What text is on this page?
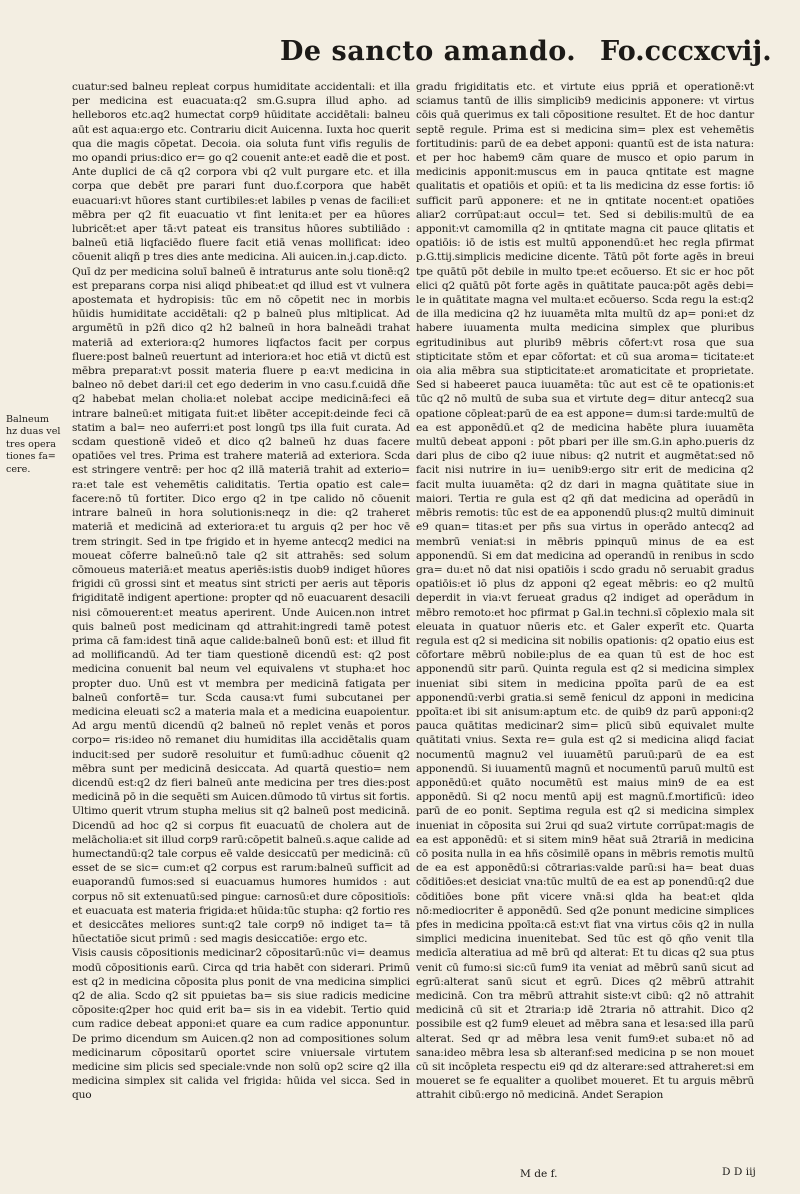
De sancto amando. Fo.cccxcvij.
Balneum
hz duas vel
tres opera
tiones fa=
cere.

cuatur:sed balneu repleat corpus humiditate accidentali: et illa per medicina est euacuata:q2 sm.G.supra illud apho. ad helleboros etc.aq2 humectat corp9 hūiditate accidētali: balneu aūt est aqua:ergo etc. Contrariu dicit Auicenna. Iuxta hoc querit qua die magis cōpetat. Decoia. oia soluta funt vifis regulis de mo opandi prius:dico er= go q2 couenit ante:et eadē die et post. Ante duplici de cā q2 corpora vbi q2 vult purgare etc. et illa corpa que debēt pre parari funt duo.f.corpora que habēt euacuari:vt hūores stant curtibiles:et labiles p venas de facili:et mēbra per q2 fit euacuatio vt fint lenita:et per ea hūores lubricēt:et aper tā:vt pateat eis transitus hūores subtiliādo : balneū etiā liqfaciēdo fluere facit etiā venas mollificat: ideo cōuenit aliqñ p tres dies ante medicina. Ali auicen.in.j.cap.dicto.

Quī dz per medicina soluī balneū ē intraturus ante solu tionē:q2 est preparans corpa nisi aliqd phibeat:et qd illud est vt vulnera apostemata et hydropisis: tūc em nō cōpetit nec in morbis hūidis humiditate accidētali: q2 p balneū plus mltiplicat. Ad argumētū in p2ñ dico q2 h2 balneū in hora balneādi trahat materiā ad exteriora:q2 humores liqfactos facit per corpus fluere:post balneū reuertunt ad interiora:et hoc etiā vt dictū est mēbra preparat:vt possit materia fluere p ea:vt medicina in balneo nō debet dari:il cet ego dederim in vno casu.f.cuidā dñe q2 habebat melan cholia:et nolebat accipe medicinā:feci eā intrare balneū:et mitigata fuit:et libēter accepit:deinde feci cā statim a bal= neo auferri:et post longū tps illa fuit curata. Ad scdam questionē videō et dico q2 balneū hz duas facere opatiōes vel tres. Prima est trahere materiā ad exteriora. Scda est stringere ventrē: per hoc q2 illā materiā trahit ad exterio= ra:et tale est vehemētis caliditatis. Tertia opatio est cale= facere:nō tū fortiter. Dico ergo q2 in tpe calido nō cōuenit intrare balneū in hora solutionis:neqz in die: q2 traheret materiā et medicinā ad exteriora:et tu arguis q2 per hoc vē trem stringit. Sed in tpe frigido et in hyeme antecq2 medici na moueat cōferre balneū:nō tale q2 sit attrahēs: sed solum cōmoueus materiā:et meatus aperiēs:istis duob9 indiget hūores frigidi cū grossi sint et meatus sint stricti per aeris aut tēporis frigiditatē indigent apertione: propter qd nō euacuarent desacili nisi cōmouerent:et meatus aperirent. Unde Auicen.non intret quis balneū post medicinam qd attrahit:ingredi tamē potest prima cā fam:idest tinā aque calide:balneū bonū est: et illud fit ad mollificandū. Ad ter tiam questionē dicendū est: q2 post medicina conuenit bal neum vel equivalens vt stupha:et hoc propter duo. Unū est vt membra per medicinā fatigata per balneū confortē= tur. Scda causa:vt fumi subcutanei per medicina eleuati sc2 a materia mala et a medicina euapoientur. Ad argu mentū dicendū q2 balneū nō replet venās et poros corpo= ris:ideo nō remanet diu humiditas illa accidētalis quam inducit:sed per sudorē resoluitur et fumū:adhuc cōuenit q2 mēbra sunt per medicinā desiccata. Ad quartā questio= nem dicendū est:q2 dz fieri balneū ante medicina per tres dies:post medicinā pō in die sequēti sm Auicen.dūmodo tū virtus sit fortis. Ultimo querit vtrum stupha melius sit q2 balneū post medicinā. Dicendū ad hoc q2 si corpus fit euacuatū de cholera aut de melācholia:et sit illud corp9 rarū:cōpetit balneū.s.aque calide ad humectandū:q2 tale corpus eē valde desiccatū per medicinā: cū esset de se sic= cum:et q2 corpus est rarum:balneū sufficit ad euaporandū fumos:sed si euacuamus humores humidos : aut corpus nō sit extenuatū:sed pingue: carnosū:et dure cōpositioīs: et euacuata est materia frigida:et hūida:tūc stupha: q2 fortio res et desiccātes meliores sunt:q2 tale corp9 nō indiget ta= tā hūectatiōe sicut primū : sed magis desiccatiōe: ergo etc.

Visis causis cōpositionis medicinar2 cōpositarū:nūc vi= deamus modū cōpositionis earū. Circa qd tria habēt con siderari. Primū est q2 in medicina cōposita plus ponit de vna medicina simplici q2 de alia. Scdo q2 sit ppuietas ba= sis siue radicis medicine cōposite:q2per hoc quid erit ba= sis in ea videbit. Tertio quid cum radice debeat apponi:et quare ea cum radice apponuntur. De primo dicendum sm Auicen.q2 non ad compositiones solum medicinarum cōpositarū oportet scire vniuersale virtutem medicine sim plicis sed speciale:vnde non solū op2 scire q2 illa medicina simplex sit calida vel frigida: hūida vel sicca. Sed in quo

gradu frigiditatis etc. et virtute eius ppriā et operationē:vt sciamus tantū de illis simplicib9 medicinis apponere: vt virtus cōis quā querimus ex tali cōpositione resultet. Et de hoc dantur septē regule. Prima est si medicina sim= plex est vehemētis fortitudinis: parū de ea debet apponi: quantū est de ista natura: et per hoc habem9 cām quare de musco et opio parum in medicinis apponit:muscus em in pauca qntitate est magne qualitatis et opatiōis et opiū: et ta lis medicina dz esse fortis: iō sufficit parū apponere: et ne in qntitate nocent:et opatiōes aliar2 corrūpat:aut occul= tet. Sed si debilis:multū de ea apponit:vt camomilla q2 in qntitate magna cit pauce qlitatis et opatiōis: iō de istis est multū apponendū:et hec regla pfirmat p.G.ttij.simplicis medicine dicente. Tātū pōt forte agēs in breui tpe quātū pōt debile in multo tpe:et ecōuerso. Et sic er hoc pōt elici q2 quātū pōt forte agēs in quātitate pauca:pōt agēs debi= le in quātitate magna vel multa:et ecōuerso. Scda regu la est:q2 de illa medicina q2 hz iuuamēta mlta multū dz ap= poni:et dz habere iuuamenta multa medicina simplex que pluribus egritudinibus aut plurib9 mēbris cōfert:vt rosa que sua stipticitate stōm et epar cōfortat: et cū sua aroma= ticitate:et oia alia mēbra sua stipticitate:et aromaticitate et proprietate. Sed si habeeret pauca iuuamēta: tūc aut est cē te opationis:et tūc q2 nō multū de suba sua et virtute deg= ditur antecq2 sua opatione cōpleat:parū de ea est appone= dum:si tarde:multū de ea est apponēdū.et q2 de medicina habēte plura iuuamēta multū debeat apponi : pōt pbari per ille sm.G.in apho.pueris dz dari plus de cibo q2 iuue nibus: q2 nutrit et augmētat:sed nō facit nisi nutrire in iu= uenib9:ergo sitr erit de medicina q2 facit multa iuuamēta: q2 dz dari in magna quātitate siue in maiori. Tertia re gula est q2 qñ dat medicina ad operādū in mēbris remotis: tūc est de ea apponendū plus:q2 multū diminuit e9 quan= titas:et per pñs sua virtus in operādo antecq2 ad membrū veniat:si in mēbris ppinquū minus de ea est apponendū. Si em dat medicina ad operandū in renibus in scdo gra= du:et nō dat nisi opatiōis i scdo gradu nō seruabit gradus opatiōis:et iō plus dz apponi q2 egeat mēbris: eo q2 multū deperdit in via:vt ferueat gradus q2 indiget ad operādum in mēbro remoto:et hoc pfirmat p Gal.in techni.sī cōplexio mala sit eleuata in quatuor nūeris etc. et Galer experīt etc. Quarta regula est q2 si medicina sit nobilis opationis: q2 opatio eius est cōfortare mēbrū nobile:plus de ea quan tū est de hoc est apponendū sitr parū. Quinta regula est q2 si medicina simplex inueniat sibi sitem in medicina ppoīta parū de ea est apponendū:verbi gratia.si semē fenicul dz apponi in medicina ppoīta:et ibi sit anisum:aptum etc. de quib9 dz parū apponi:q2 pauca quātitas medicinar2 sim= plicū sibū equivalet multe quātitati vnius. Sexta re= gula est q2 si medicina aliqd faciat nocumentū magnu2 vel iuuamētū paruū:parū de ea est apponendū. Si iuuamentū magnū et nocumentū paruū multū est apponēdū:et quāto nocumētū est maius min9 de ea est apponēdū. Si q2 nocu mentū apij est magnū.f.mortificū: ideo parū de eo ponit. Septima regula est q2 si medicina simplex inueniat in cōposita sui 2rui qd sua2 virtute corrūpat:magis de ea est apponēdū: et si sitem min9 hēat suā 2trariā in medicina cō posita nulla in ea hñs cōsimilē opans in mēbris remotis multū de ea est apponēdū:si cōtrarias:valde parū:si ha= beat duas cōditiōes:et desiciat vna:tūc multū de ea est ap ponendū:q2 due cōditiōes bone pñt vicere vnā:si qlda ha beat:et qlda nō:mediocriter ē apponēdū. Sed q2e ponunt medicine simplices pfes in medicina ppoīta:cā est:vt fiat vna virtus cōis q2 in nulla simplici medicina inuenitebat. Sed tūc est qō qño venit tlla medicīa alteratiua ad mē brū qd alterat: Et tu dicas q2 sua ptus venit cū fumo:si sic:cū fum9 ita veniat ad mēbrū sanū sicut ad egrū:alterat sanū sicut et egrū. Dices q2 mēbrū attrahit medicinā. Con tra mēbrū attrahit siste:vt cibū: q2 nō attrahit medicinā cū sit et 2traria:p idē 2traria nō attrahit. Dico q2 possibile est q2 fum9 eleuet ad mēbra sana et lesa:sed illa parū alterat. Sed qr ad mēbra lesa venit fum9:et suba:et nō ad sana:ideo mēbra lesa sb alteranf:sed medicina p se non mouet cū sit incōpleta respectu ei9 qd dz alterare:sed attraheret:si em moueret se fe equaliter a quolibet moueret. Et tu arguis mēbrū attrahit cibū:ergo nō medicinā. Andet Serapion

M de f.	D D iij
